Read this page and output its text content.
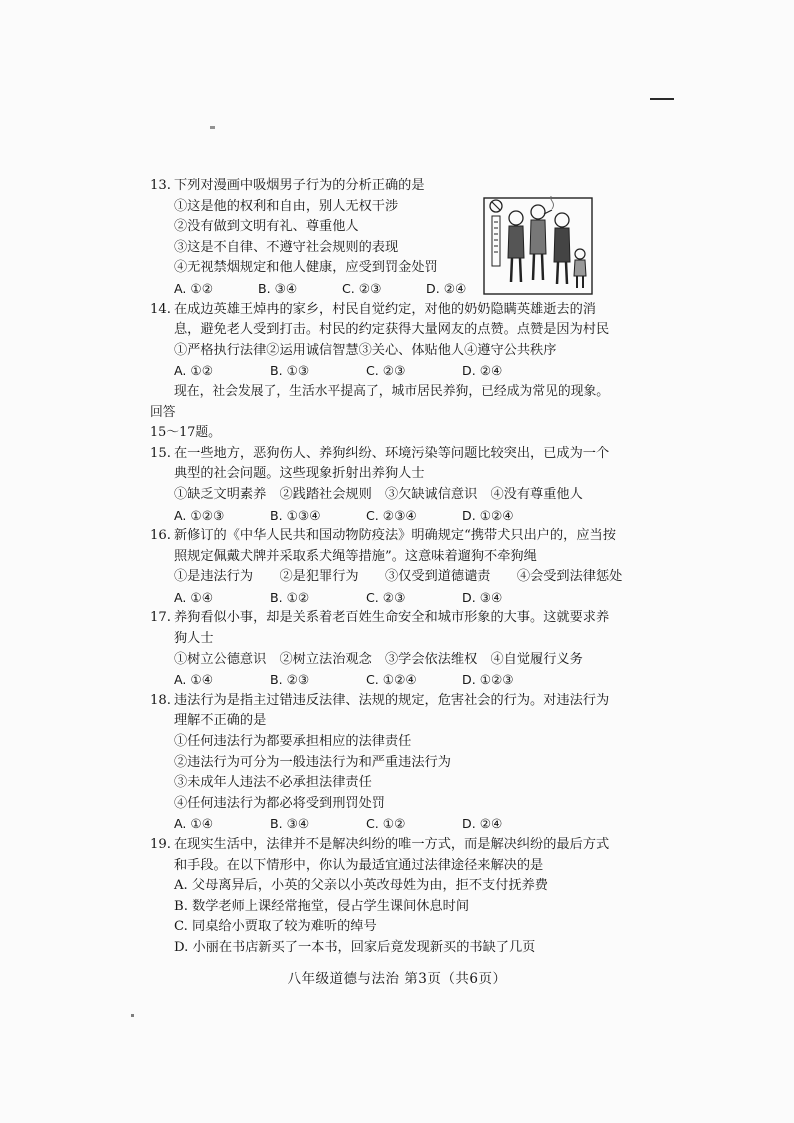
13. 下列对漫画中吸烟男子行为的分析正确的是
①这是他的权利和自由，别人无权干涉
②没有做到文明有礼、尊重他人
③这是不自律、不遵守社会规则的表现
④无视禁烟规定和他人健康，应受到罚金处罚
A. ①②	B. ③④	C. ②③	D. ②④
14. 在成边英雄王焯冉的家乡，村民自觉约定，对他的奶奶隐瞒英雄逝去的消息，避免老人受到打击。村民的约定获得大量网友的点赞。点赞是因为村民
①严格执行法律②运用诚信智慧③关心、体贴他人④遵守公共秩序
A. ①②	B. ①③	C. ②③	D. ②④
现在，社会发展了，生活水平提高了，城市居民养狗，已经成为常见的现象。回答
15～17题。
15. 在一些地方，恶狗伤人、养狗纠纷、环境污染等问题比较突出，已成为一个典型的社会问题。这些现象折射出养狗人士
①缺乏文明素养　②践踏社会规则　③欠缺诚信意识　④没有尊重他人
A. ①②③	B. ①③④	C. ②③④	D. ①②④
16. 新修订的《中华人民共和国动物防疫法》明确规定“携带犬只出户的，应当按照规定佩戴犬牌并采取系犬绳等措施”。这意味着遛狗不牵狗绳
①是违法行为　　②是犯罪行为　　③仅受到道德谴责　　④会受到法律惩处
A. ①④	B. ①②	C. ②③	D. ③④
17. 养狗看似小事，却是关系着老百姓生命安全和城市形象的大事。这就要求养狗人士
①树立公德意识　②树立法治观念　③学会依法维权　④自觉履行义务
A. ①④	B. ②③	C. ①②④	D. ①②③
18. 违法行为是指主过错违反法律、法规的规定，危害社会的行为。对违法行为理解不正确的是
①任何违法行为都要承担相应的法律责任
②违法行为可分为一般违法行为和严重违法行为
③未成年人违法不必承担法律责任
④任何违法行为都必将受到刑罚处罚
A. ①④	B. ③④	C. ①②	D. ②④
19. 在现实生活中，法律并不是解决纠纷的唯一方式，而是解决纠纷的最后方式和手段。在以下情形中，你认为最适宜通过法律途径来解决的是
A. 父母离异后，小英的父亲以小英改母姓为由，拒不支付抚养费
B. 数学老师上课经常拖堂，侵占学生课间休息时间
C. 同桌给小贾取了较为难听的绰号
D. 小丽在书店新买了一本书，回家后竟发现新买的书缺了几页
八年级道德与法治 第3页（共6页）
